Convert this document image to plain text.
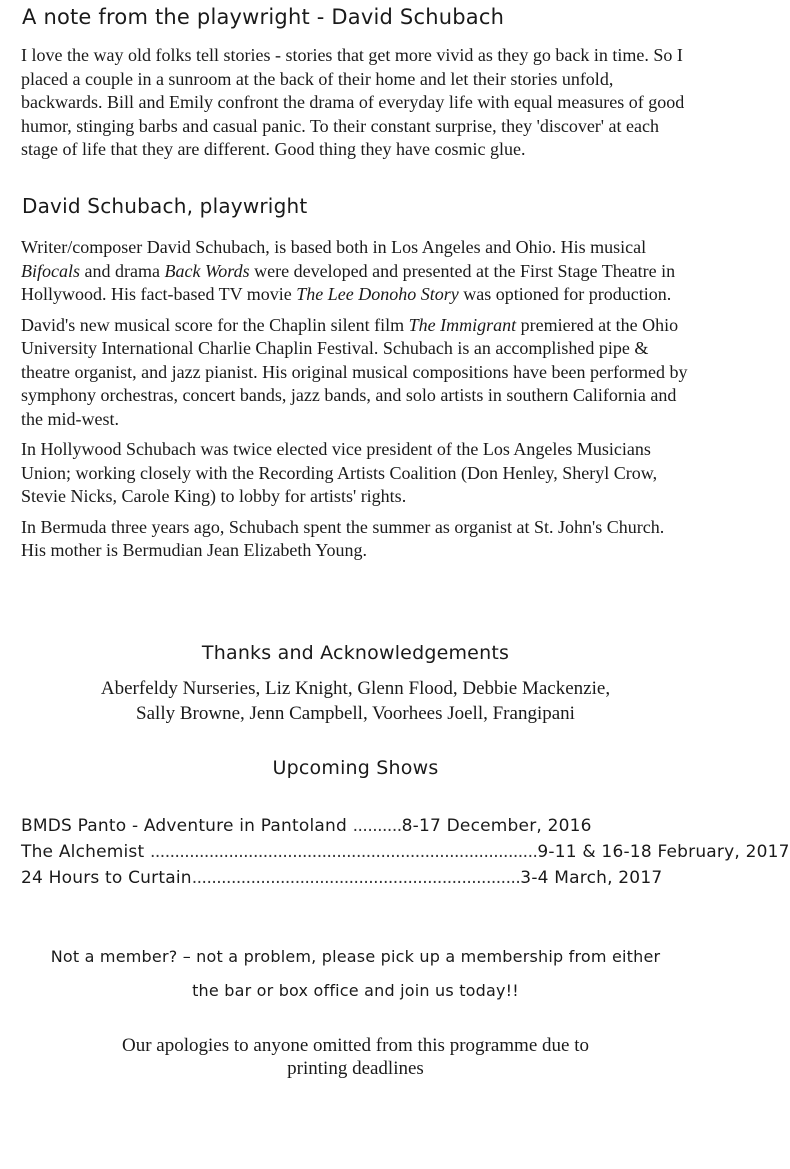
A note from the playwright - David Schubach
I love the way old folks tell stories - stories that get more vivid as they go back in time. So I placed a couple in a sunroom at the back of their home and let their stories unfold, backwards. Bill and Emily confront the drama of everyday life with equal measures of good humor, stinging barbs and casual panic. To their constant surprise, they 'discover' at each stage of life that they are different. Good thing they have cosmic glue.
David Schubach, playwright

Writer/composer David Schubach, is based both in Los Angeles and Ohio. His musical Bifocals and drama Back Words were developed and presented at the First Stage Theatre in Hollywood. His fact-based TV movie The Lee Donoho Story was optioned for production.

David's new musical score for the Chaplin silent film The Immigrant premiered at the Ohio University International Charlie Chaplin Festival. Schubach is an accomplished pipe & theatre organist, and jazz pianist. His original musical compositions have been performed by symphony orchestras, concert bands, jazz bands, and solo artists in southern California and the mid-west.

In Hollywood Schubach was twice elected vice president of the Los Angeles Musicians Union; working closely with the Recording Artists Coalition (Don Henley, Sheryl Crow, Stevie Nicks, Carole King) to lobby for artists' rights.

In Bermuda three years ago, Schubach spent the summer as organist at St. John's Church. His mother is Bermudian Jean Elizabeth Young.

Thanks and Acknowledgements
Aberfeldy Nurseries, Liz Knight, Glenn Flood, Debbie Mackenzie,
Sally Browne, Jenn Campbell, Voorhees Joell, Frangipani
Upcoming Shows
BMDS Panto - Adventure in Pantoland ..........8-17 December, 2016
The Alchemist ...............................................................................9-11 & 16-18 February, 2017
24 Hours to Curtain...................................................................3-4 March, 2017
Not a member? – not a problem, please pick up a membership from either
the bar or box office and join us today!!
Our apologies to anyone omitted from this programme due to
printing deadlines
